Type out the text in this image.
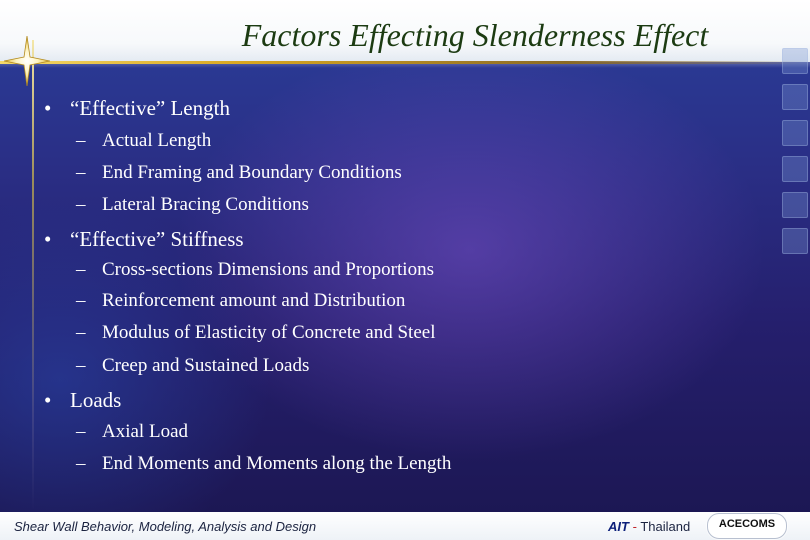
Factors Effecting Slenderness Effect
• “Effective” Length
– Actual Length
– End Framing and Boundary Conditions
– Lateral Bracing Conditions
• “Effective” Stiffness
– Cross-sections Dimensions and Proportions
– Reinforcement amount and Distribution
– Modulus of Elasticity of Concrete and Steel
– Creep and Sustained Loads
• Loads
– Axial Load
– End Moments and Moments along the Length
Shear Wall Behavior, Modeling, Analysis and Design	AIT - Thailand	ACECOMS
